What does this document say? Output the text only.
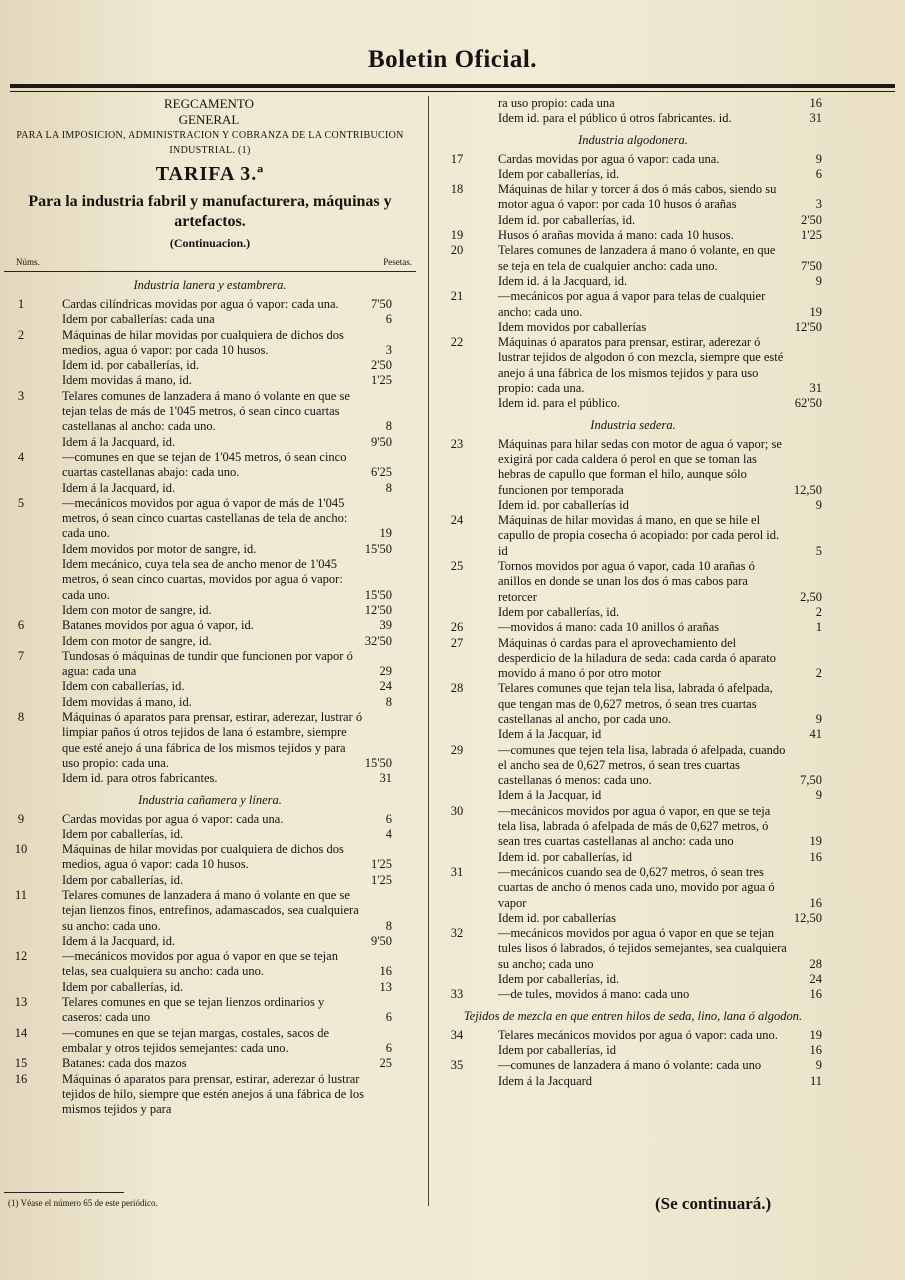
Boletin Oficial.
REGCAMENTO GENERAL
PARA LA IMPOSICION, ADMINISTRACION Y COBRANZA DE LA CONTRIBUCION INDUSTRIAL. (1)
TARIFA 3.ª
Para la industria fabril y manufacturera, máquinas y artefactos.
(Continuacion.)
Núms.	Pesetas.
Industria lanera y estambrera.
1	Cardas cilíndricas movidas por agua ó vapor: cada una.	7'50
Idem por caballerías: cada una	6
2	Máquinas de hilar movidas por cualquiera de dichos dos medios, agua ó vapor: por cada 10 husos.	3
Idem id. por caballerías, id.	2'50
Idem movidas á mano, id.	1'25
3	Telares comunes de lanzadera á mano ó volante en que se tejan telas de más de 1'045 metros, ó sean cinco cuartas castellanas al ancho: cada uno.	8
Idem á la Jacquard, id.	9'50
4	—comunes en que se tejan de 1'045 metros, ó sean cinco cuartas castellanas abajo: cada uno.	6'25
Idem á la Jacquard, id.	8
5	—mecánicos movidos por agua ó vapor de más de 1'045 metros, ó sean cinco cuartas castellanas de tela de ancho: cada uno.	19
Idem movidos por motor de sangre, id.	15'50
Idem mecánico, cuya tela sea de ancho menor de 1'045 metros, ó sean cinco cuartas, movidos por agua ó vapor: cada uno.	15'50
Idem con motor de sangre, id.	12'50
6	Batanes movidos por agua ó vapor, id.	39
Idem con motor de sangre, id.	32'50
7	Tundosas ó máquinas de tundir que funcionen por vapor ó agua: cada una	29
Idem con caballerías, id.	24
Idem movidas á mano, id.	8
8	Máquinas ó aparatos para prensar, estirar, aderezar, lustrar ó limpiar paños ú otros tejidos de lana ó estambre, siempre que esté anejo á una fábrica de los mismos tejidos y para uso propio: cada una.	15'50
Idem id. para otros fabricantes.	31
Industria cañamera y línera.
9	Cardas movidas por agua ó vapor: cada una.	6
Idem por caballerías, id.	4
10	Máquinas de hilar movidas por cualquiera de dichos dos medios, agua ó vapor: cada 10 husos.	1'25
Idem por caballerías, id.	1'25
11	Telares comunes de lanzadera á mano ó volante en que se tejan lienzos finos, entrefinos, adamascados, sea cualquiera su ancho: cada uno.	8
Idem á la Jacquard, id.	9'50
12	—mecánicos movidos por agua ó vapor en que se tejan telas, sea cualquiera su ancho: cada uno.	16
Idem por caballerías, id.	13
13	Telares comunes en que se tejan lienzos ordinarios y caseros: cada uno	6
14	—comunes en que se tejan margas, costales, sacos de embalar y otros tejidos semejantes: cada uno.	6
15	Batanes: cada dos mazos	25
16	Máquinas ó aparatos para prensar, estirar, aderezar ó lustrar tejidos de hilo, siempre que estén anejos á una fábrica de los mismos tejidos y para
ra uso propio: cada una	16
Idem id. para el público ú otros fabricantes. id.	31
Industria algodonera.
17	Cardas movidas por agua ó vapor: cada una.	9
Idem por caballerías, id.	6
18	Máquinas de hilar y torcer á dos ó más cabos, siendo su motor agua ó vapor: por cada 10 husos ó arañas	3
Idem id. por caballerías, id.	2'50
19	Husos ó arañas movida á mano: cada 10 husos.	1'25
20	Telares comunes de lanzadera á mano ó volante, en que se teja en tela de cualquier ancho: cada uno.	7'50
Idem id. á la Jacquard, id.	9
21	—mecánicos por agua á vapor para telas de cualquier ancho: cada uno.	19
Idem movidos por caballerías	12'50
22	Máquinas ó aparatos para prensar, estirar, aderezar ó lustrar tejidos de algodon ó con mezcla, siempre que esté anejo á una fábrica de los mismos tejidos y para uso propio: cada una.	31
Idem id. para el público.	62'50
Industria sedera.
23	Máquinas para hilar sedas con motor de agua ó vapor; se exigirá por cada caldera ó perol en que se toman las hebras de capullo que forman el hilo, aunque sólo funcionen por temporada	12,50
Idem id. por caballerías id	9
24	Máquinas de hilar movidas á mano, en que se hile el capullo de propia cosecha ó acopiado: por cada perol id. id	5
25	Tornos movidos por agua ó vapor, cada 10 arañas ó anillos en donde se unan los dos ó mas cabos para retorcer	2,50
Idem por caballerías, id.	2
26	—movidos á mano: cada 10 anillos ó arañas	1
27	Máquinas ó cardas para el aprovechamiento del desperdicio de la hiladura de seda: cada carda ó aparato movido á mano ó por otro motor	2
28	Telares comunes que tejan tela lisa, labrada ó afelpada, que tengan mas de 0,627 metros, ó sean tres cuartas castellanas al ancho, por cada uno.	9
Idem á la Jacquar, id	41
29	—comunes que tejen tela lisa, labrada ó afelpada, cuando el ancho sea de 0,627 metros, ó sean tres cuartas castellanas ó menos: cada uno.	7,50
Idem á la Jacquar, id	9
30	—mecánicos movidos por agua ó vapor, en que se teja tela lisa, labrada ó afelpada de más de 0,627 metros, ó sean tres cuartas castellanas al ancho: cada uno	19
Idem id. por caballerías, id	16
31	—mecánicos cuando sea de 0,627 metros, ó sean tres cuartas de ancho ó menos cada uno, movido por agua ó vapor	16
Idem id. por caballerías	12,50
32	—mecánicos movidos por agua ó vapor en que se tejan tules lisos ó labrados, ó tejidos semejantes, sea cualquiera su ancho; cada uno	28
Idem por caballerías, id.	24
33	—de tules, movidos á mano: cada uno	16
Tejidos de mezcla en que entren hilos de seda, lino, lana ó algodon.
34	Telares mecánicos movidos por agua ó vapor: cada uno.	19
Idem por caballerías, id	16
35	—comunes de lanzadera á mano ó volante: cada uno	9
Idem á la Jacquard	11
(1) Véase el número 65 de este periódico.	(Se continuará.)
